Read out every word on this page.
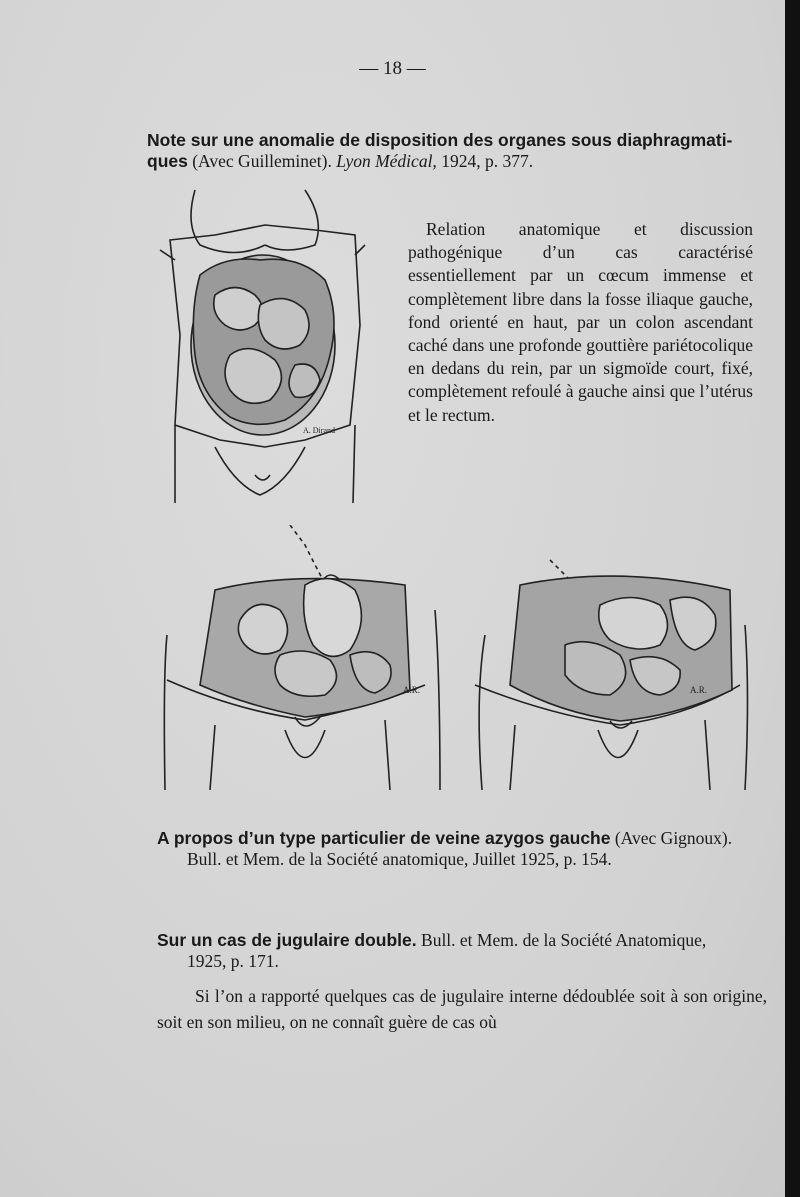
— 18 —
Note sur une anomalie de disposition des organes sous diaphragmati-
ques (Avec Guilleminet). Lyon Médical, 1924, p. 377.
A. Dirand
Relation anatomique et discussion pathogénique d’un cas caractérisé essentiellement par un cœcum immense et complètement libre dans la fosse iliaque gauche, fond orienté en haut, par un colon ascendant caché dans une profonde gouttière pariétocolique en dedans du rein, par un sigmoïde court, fixé, complètement refoulé à gauche ainsi que l’utérus et le rectum.
A.R.	A.R.
A propos d’un type particulier de veine azygos gauche (Avec Gignoux).
Bull. et Mem. de la Société anatomique, Juillet 1925, p. 154.
Sur un cas de jugulaire double. Bull. et Mem. de la Société Anatomique,
1925, p. 171.
Si l’on a rapporté quelques cas de jugulaire interne dédoublée soit à son origine, soit en son milieu, on ne connaît guère de cas où
